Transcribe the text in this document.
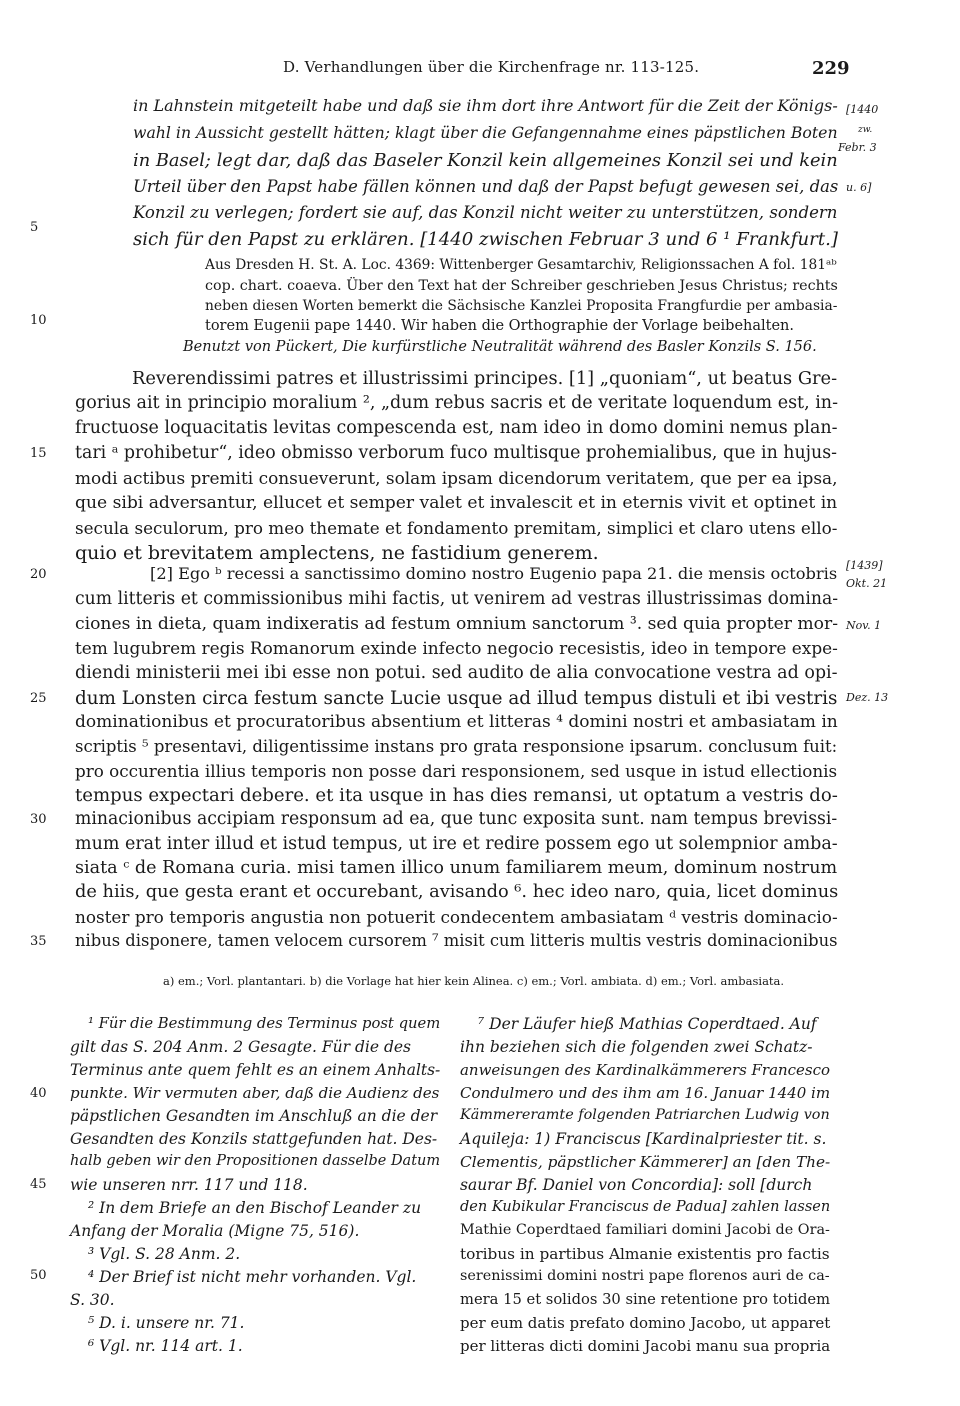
D. Verhandlungen über die Kirchenfrage nr. 113-125.	229
in Lahnstein mitgeteilt habe und daß sie ihm dort ihre Antwort für die Zeit der Königs-
wahl in Aussicht gestellt hätten; klagt über die Gefangennahme eines päpstlichen Boten
in Basel; legt dar, daß das Baseler Konzil kein allgemeines Konzil sei und kein
Urteil über den Papst habe fällen können und daß der Papst befugt gewesen sei, das
Konzil zu verlegen; fordert sie auf, das Konzil nicht weiter zu unterstützen, sondern
sich für den Papst zu erklären. [1440 zwischen Februar 3 und 6 ¹ Frankfurt.]
Aus Dresden H. St. A. Loc. 4369: Wittenberger Gesamtarchiv, Religionssachen A fol. 181ᵃᵇ
cop. chart. coaeva. Über den Text hat der Schreiber geschrieben Jesus Christus; rechts
neben diesen Worten bemerkt die Sächsische Kanzlei Proposita Frangfurdie per ambasia-
torem Eugenii pape 1440. Wir haben die Orthographie der Vorlage beibehalten.
Benutzt von Pückert, Die kurfürstliche Neutralität während des Basler Konzils S. 156.
Reverendissimi patres et illustrissimi principes. [1] „quoniam“, ut beatus Gre-
gorius ait in principio moralium ², „dum rebus sacris et de veritate loquendum est, in-
fructuose loquacitatis levitas compescenda est, nam ideo in domo domini nemus plan-
tari ᵃ prohibetur“, ideo obmisso verborum fuco multisque prohemialibus, que in hujus-
modi actibus premiti consueverunt, solam ipsam dicendorum veritatem, que per ea ipsa,
que sibi adversantur, ellucet et semper valet et invalescit et in eternis vivit et optinet in
secula seculorum, pro meo themate et fondamento premitam, simplici et claro utens ello-
quio et brevitatem amplectens, ne fastidium generem.
[2] Ego ᵇ recessi a sanctissimo domino nostro Eugenio papa 21. die mensis octobris
cum litteris et commissionibus mihi factis, ut venirem ad vestras illustrissimas domina-
ciones in dieta, quam indixeratis ad festum omnium sanctorum ³. sed quia propter mor-
tem lugubrem regis Romanorum exinde infecto negocio recesistis, ideo in tempore expe-
diendi ministerii mei ibi esse non potui. sed audito de alia convocatione vestra ad opi-
dum Lonsten circa festum sancte Lucie usque ad illud tempus distuli et ibi vestris
dominationibus et procuratoribus absentium et litteras ⁴ domini nostri et ambasiatam in
scriptis ⁵ presentavi, diligentissime instans pro grata responsione ipsarum. conclusum fuit:
pro occurentia illius temporis non posse dari responsionem, sed usque in istud ellectionis
tempus expectari debere. et ita usque in has dies remansi, ut optatum a vestris do-
minacionibus accipiam responsum ad ea, que tunc exposita sunt. nam tempus brevissi-
mum erat inter illud et istud tempus, ut ire et redire possem ego ut solempnior amba-
siata ᶜ de Romana curia. misi tamen illico unum familiarem meum, dominum nostrum
de hiis, que gesta erant et occurebant, avisando ⁶. hec ideo naro, quia, licet dominus
noster pro temporis angustia non potuerit condecentem ambasiatam ᵈ vestris dominacio-
nibus disponere, tamen velocem cursorem ⁷ misit cum litteris multis vestris dominacionibus
5
10
15
20
25
30
35
40
45
50
[1440
zw.
Febr. 3
u. 6]
[1439]
Okt. 21
Nov. 1
Dez. 13
a) em.; Vorl. plantantari. b) die Vorlage hat hier kein Alinea. c) em.; Vorl. ambiata. d) em.; Vorl. ambasiata.
¹ Für die Bestimmung des Terminus post quem
gilt das S. 204 Anm. 2 Gesagte. Für die des
Terminus ante quem fehlt es an einem Anhalts-
punkte. Wir vermuten aber, daß die Audienz des
päpstlichen Gesandten im Anschluß an die der
Gesandten des Konzils stattgefunden hat. Des-
halb geben wir den Propositionen dasselbe Datum
wie unseren nrr. 117 und 118.
² In dem Briefe an den Bischof Leander zu
Anfang der Moralia (Migne 75, 516).
³ Vgl. S. 28 Anm. 2.
⁴ Der Brief ist nicht mehr vorhanden. Vgl.
S. 30.
⁵ D. i. unsere nr. 71.
⁶ Vgl. nr. 114 art. 1.
⁷ Der Läufer hieß Mathias Coperdtaed. Auf
ihn beziehen sich die folgenden zwei Schatz-
anweisungen des Kardinalkämmerers Francesco
Condulmero und des ihm am 16. Januar 1440 im
Kämmereramte folgenden Patriarchen Ludwig von
Aquileja: 1) Franciscus [Kardinalpriester tit. s.
Clementis, päpstlicher Kämmerer] an [den The-
saurar Bf. Daniel von Concordia]: soll [durch
den Kubikular Franciscus de Padua] zahlen lassen
Mathie Coperdtaed familiari domini Jacobi de Ora-
toribus in partibus Almanie existentis pro factis
serenissimi domini nostri pape florenos auri de ca-
mera 15 et solidos 30 sine retentione pro totidem
per eum datis prefato domino Jacobo, ut apparet
per litteras dicti domini Jacobi manu sua propria
